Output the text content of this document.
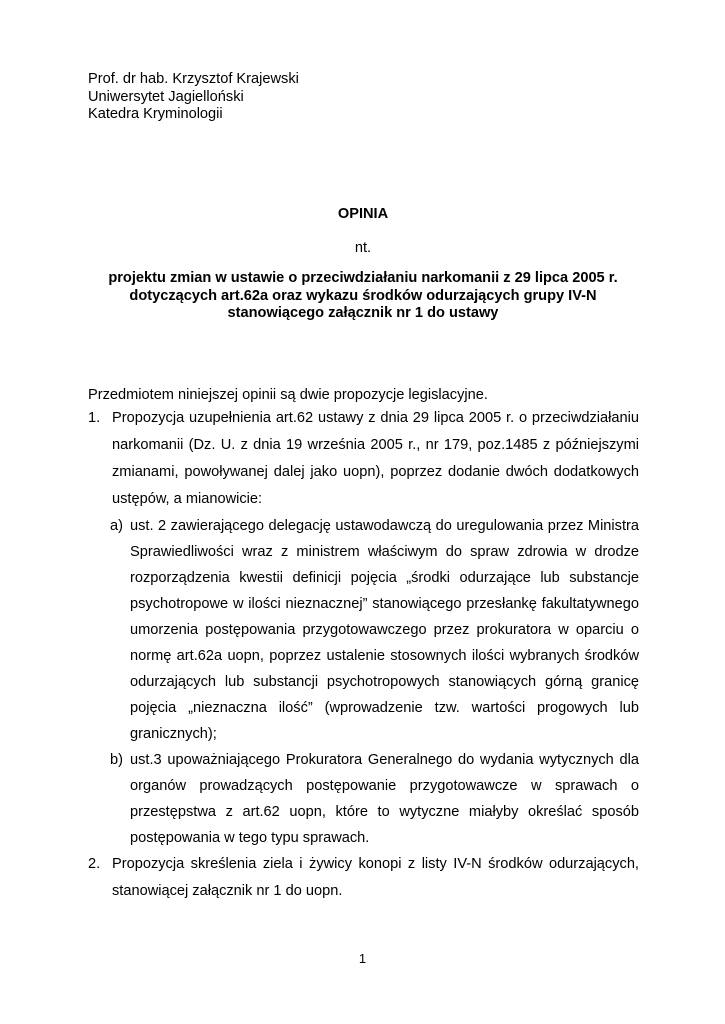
Prof. dr hab. Krzysztof Krajewski
Uniwersytet Jagielloński
Katedra Kryminologii
OPINIA
nt.
projektu zmian w ustawie o przeciwdziałaniu narkomanii z 29 lipca 2005 r.
dotyczących art.62a oraz wykazu środków odurzających grupy IV-N
stanowiącego załącznik nr 1 do ustawy
Przedmiotem niniejszej opinii są dwie propozycje legislacyjne.
1. Propozycja uzupełnienia art.62 ustawy z dnia 29 lipca 2005 r. o przeciwdziałaniu narkomanii (Dz. U. z dnia 19 września 2005 r., nr 179, poz.1485 z późniejszymi zmianami, powoływanej dalej jako uopn), poprzez dodanie dwóch dodatkowych ustępów, a mianowicie:
a) ust. 2 zawierającego delegację ustawodawczą do uregulowania przez Ministra Sprawiedliwości wraz z ministrem właściwym do spraw zdrowia w drodze rozporządzenia kwestii definicji pojęcia „środki odurzające lub substancje psychotropowe w ilości nieznacznej” stanowiącego przesłankę fakultatywnego umorzenia postępowania przygotowawczego przez prokuratora w oparciu o normę art.62a uopn, poprzez ustalenie stosownych ilości wybranych środków odurzających lub substancji psychotropowych stanowiących górną granicę pojęcia „nieznaczna ilość” (wprowadzenie tzw. wartości progowych lub granicznych);
b) ust.3 upoważniającego Prokuratora Generalnego do wydania wytycznych dla organów prowadzących postępowanie przygotowawcze w sprawach o przestępstwa z art.62 uopn, które to wytyczne miałyby określać sposób postępowania w tego typu sprawach.
2. Propozycja skreślenia ziela i żywicy konopi z listy IV-N środków odurzających, stanowiącej załącznik nr 1 do uopn.
1
